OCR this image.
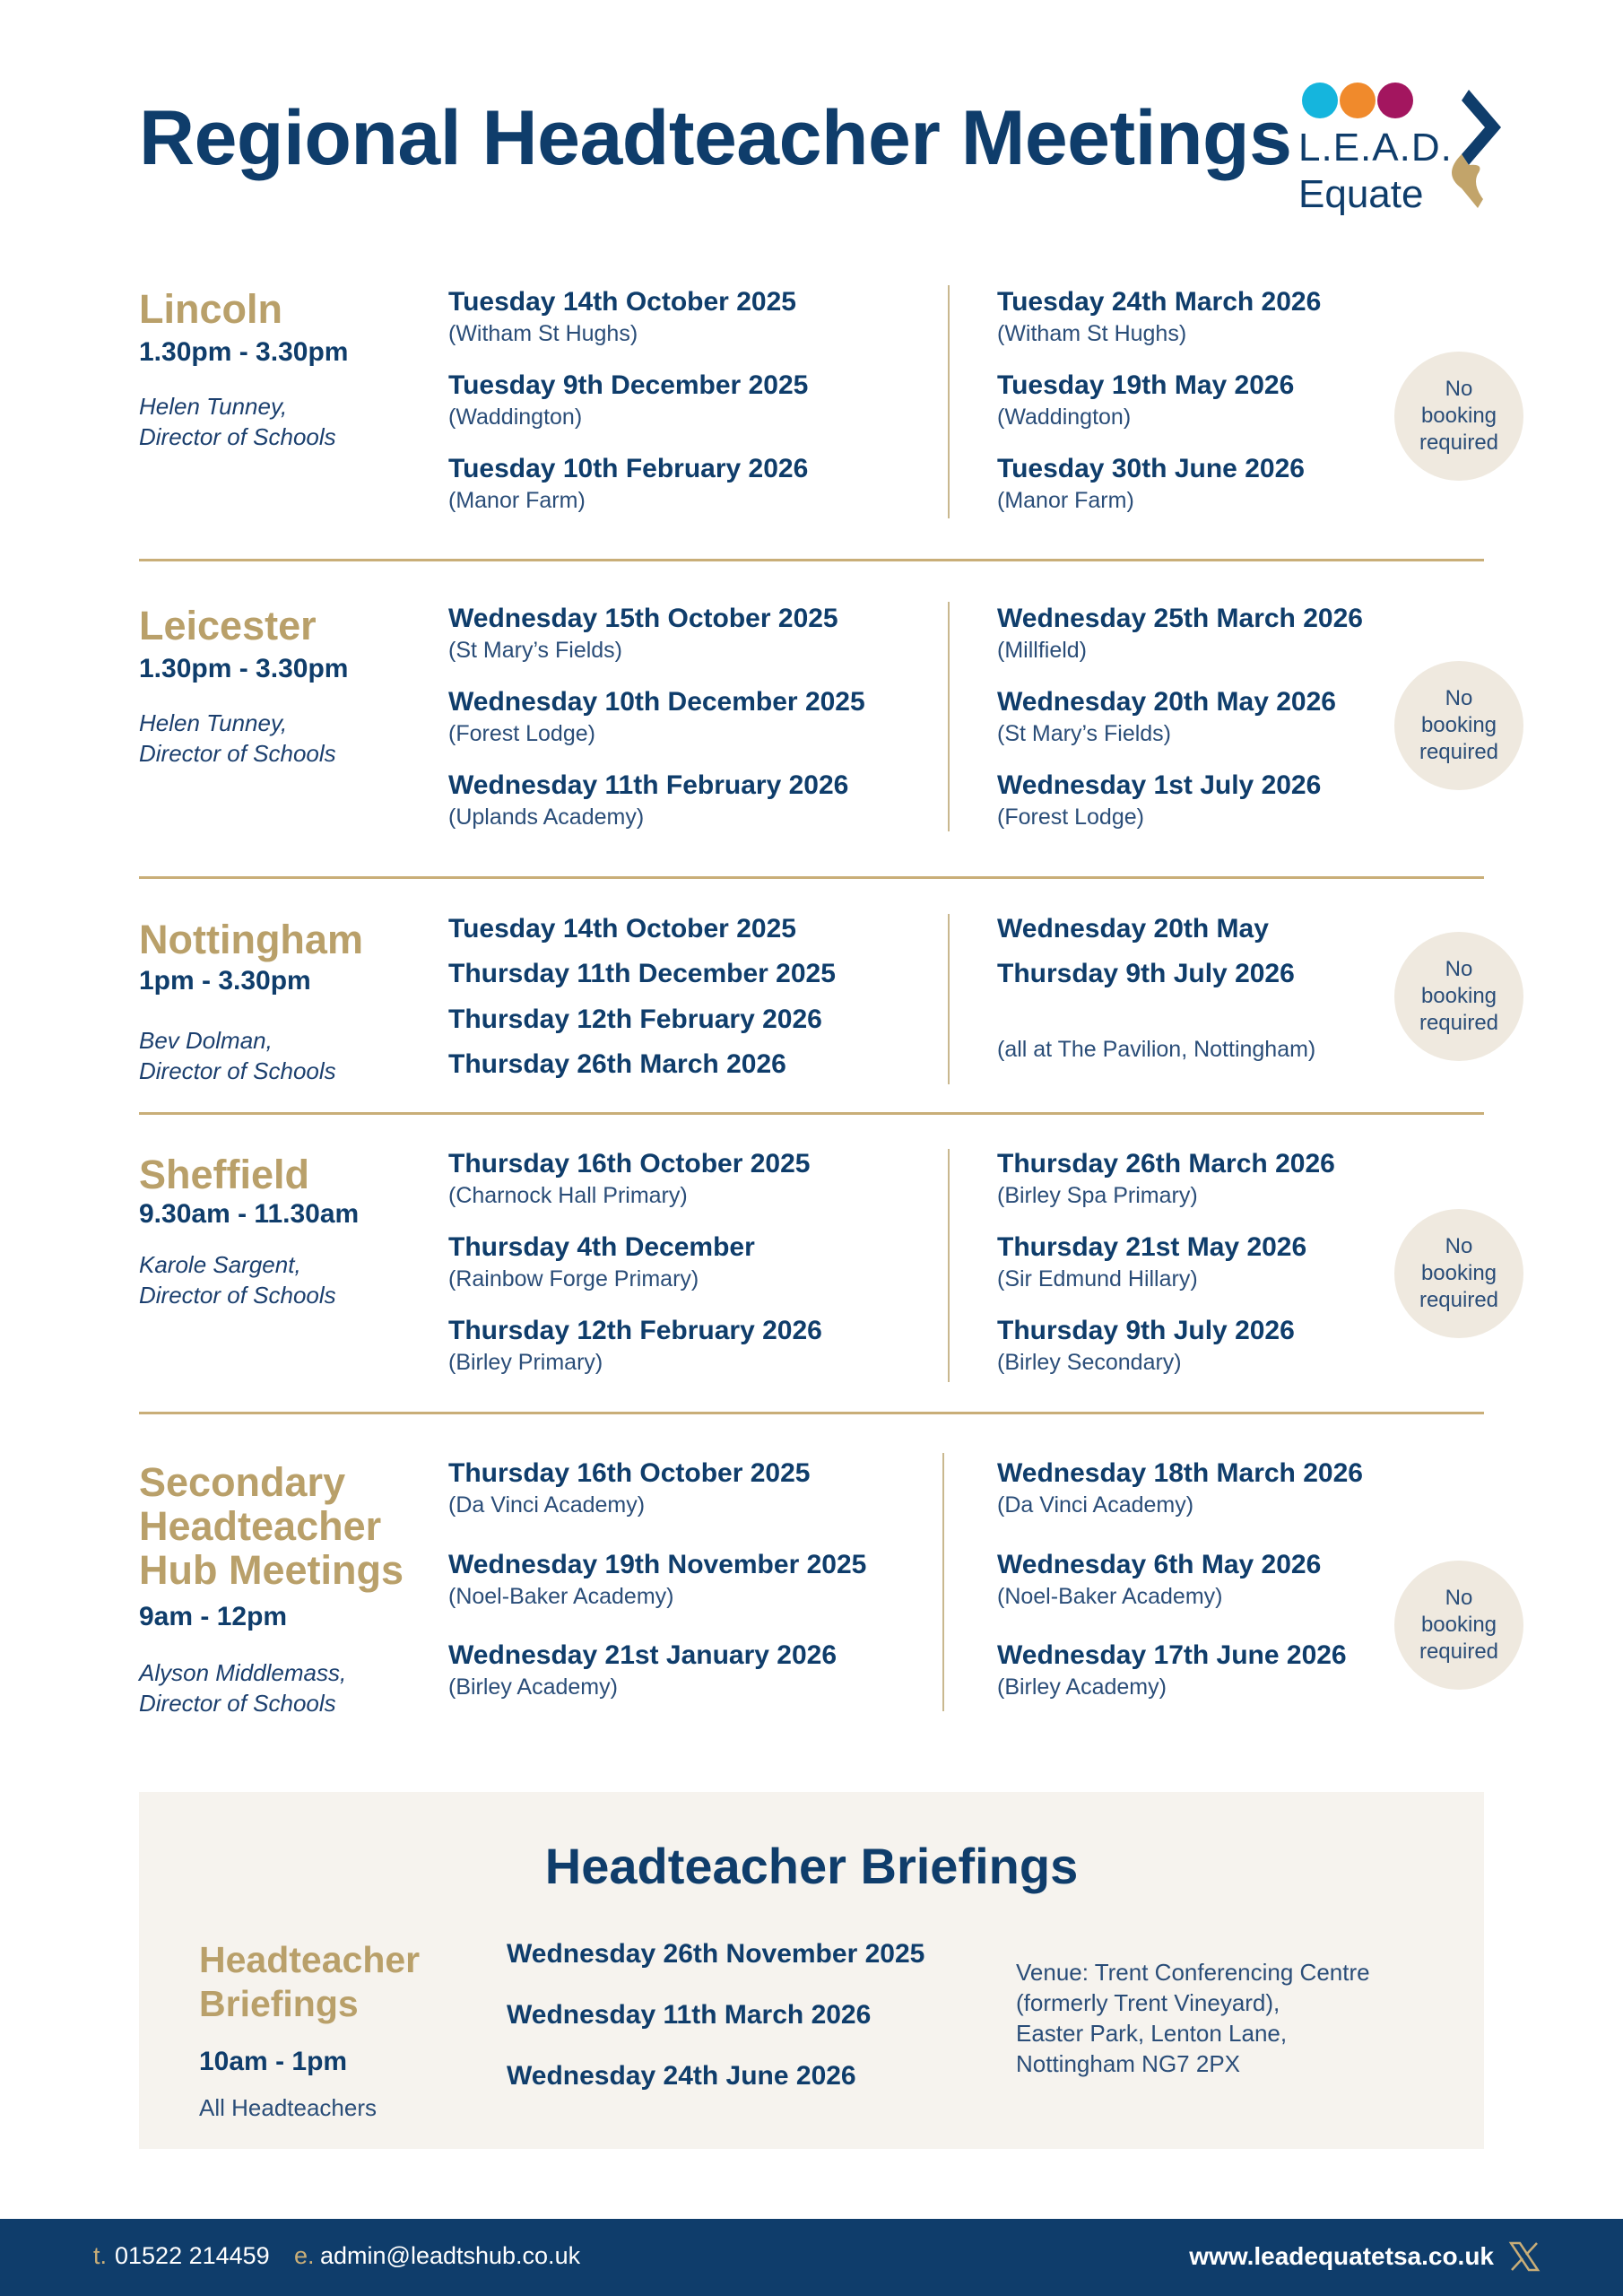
Regional Headteacher Meetings L.E.A.D.
Equate
Lincoln
1.30pm - 3.30pm
Helen Tunney,
Director of Schools
Tuesday 14th October 2025
(Witham St Hughs)
Tuesday 9th December 2025
(Waddington)
Tuesday 10th February 2026
(Manor Farm)
Tuesday 24th March 2026
(Witham St Hughs)
Tuesday 19th May 2026
(Waddington)
Tuesday 30th June 2026
(Manor Farm)
No
booking
required
Leicester
1.30pm - 3.30pm
Helen Tunney,
Director of Schools
Wednesday 15th October 2025
(St Mary’s Fields)
Wednesday 10th December 2025
(Forest Lodge)
Wednesday 11th February 2026
(Uplands Academy)
Wednesday 25th March 2026
(Millfield)
Wednesday 20th May 2026
(St Mary’s Fields)
Wednesday 1st July 2026
(Forest Lodge)
No
booking
required
Nottingham
1pm - 3.30pm
Bev Dolman,
Director of Schools
Tuesday 14th October 2025
Thursday 11th December 2025
Thursday 12th February 2026
Thursday 26th March 2026
Wednesday 20th May
Thursday 9th July 2026
(all at The Pavilion, Nottingham)
No
booking
required
Sheffield
9.30am - 11.30am
Karole Sargent,
Director of Schools
Thursday 16th October 2025
(Charnock Hall Primary)
Thursday 4th December
(Rainbow Forge Primary)
Thursday 12th February 2026
(Birley Primary)
Thursday 26th March 2026
(Birley Spa Primary)
Thursday 21st May 2026
(Sir Edmund Hillary)
Thursday 9th July 2026
(Birley Secondary)
No
booking
required
Secondary
Headteacher
Hub Meetings
9am - 12pm
Alyson Middlemass,
Director of Schools
Thursday 16th October 2025
(Da Vinci Academy)
Wednesday 19th November 2025
(Noel-Baker Academy)
Wednesday 21st January 2026
(Birley Academy)
Wednesday 18th March 2026
(Da Vinci Academy)
Wednesday 6th May 2026
(Noel-Baker Academy)
Wednesday 17th June 2026
(Birley Academy)
No
booking
required
Headteacher Briefings
Headteacher
Briefings
10am - 1pm
All Headteachers
Wednesday 26th November 2025
Wednesday 11th March 2026
Wednesday 24th June 2026
Venue: Trent Conferencing Centre
(formerly Trent Vineyard),
Easter Park, Lenton Lane,
Nottingham NG7 2PX
t. 01522 214459 e. admin@leadtshub.co.uk	www.leadequatetsa.co.uk
